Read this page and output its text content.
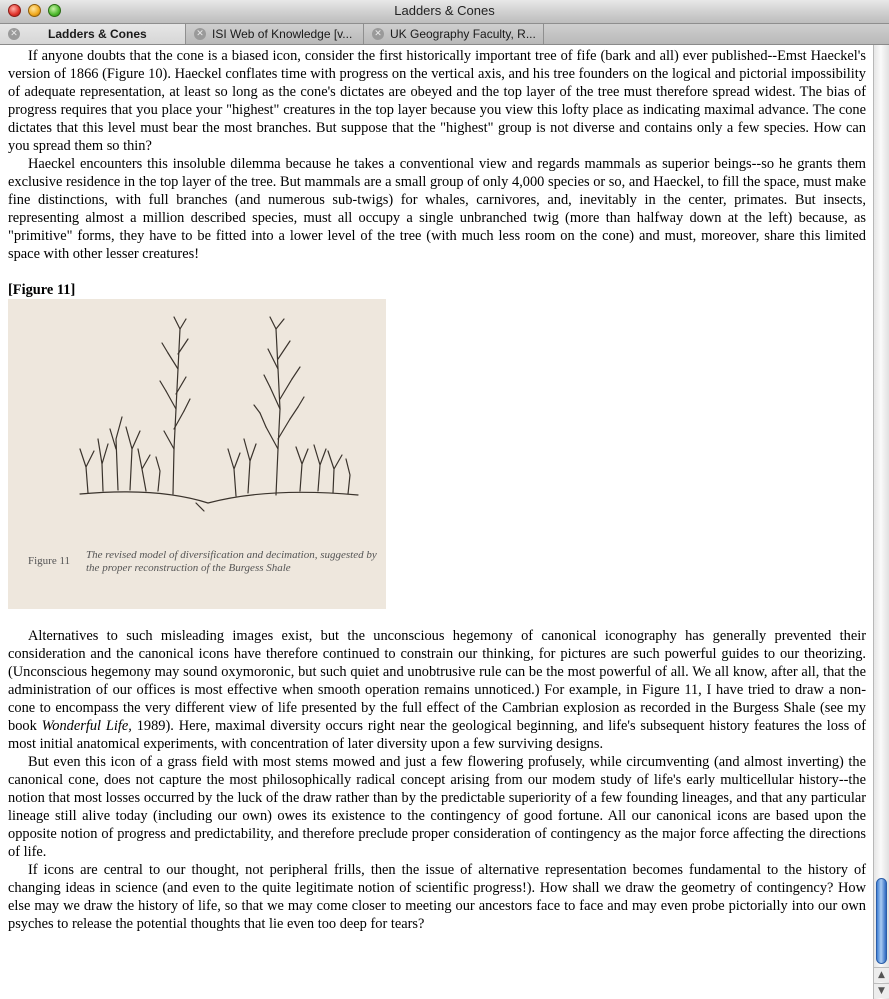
Ladders & Cones
✕	Ladders & Cones	✕ ISI Web of Knowledge [v...	✕ UK Geography Faculty, R...

If anyone doubts that the cone is a biased icon, consider the first historically important tree of fife (bark and all) ever published--Emst Haeckel's version of 1866 (Figure 10). Haeckel conflates time with progress on the vertical axis, and his tree founders on the logical and pictorial impossibility of adequate representation, at least so long as the cone's dictates are obeyed and the top layer of the tree must therefore spread widest. The bias of progress requires that you place your "highest" creatures in the top layer because you view this lofty place as indicating maximal advance. The cone dictates that this level must bear the most branches. But suppose that the "highest" group is not diverse and contains only a few species. How can you spread them so thin?

Haeckel encounters this insoluble dilemma because he takes a conventional view and regards mammals as superior beings--so he grants them exclusive residence in the top layer of the tree. But mammals are a small group of only 4,000 species or so, and Haeckel, to fill the space, must make fine distinctions, with full branches (and numerous sub-twigs) for whales, carnivores, and, inevitably in the center, primates. But insects, representing almost a million described species, must all occupy a single unbranched twig (more than halfway down at the left) because, as "primitive" forms, they have to be fitted into a lower level of the tree (with much less room on the cone) and must, moreover, share this limited space with other lesser creatures!

[Figure 11]

Figure 11 The revised model of diversification and decimation, suggested by the proper reconstruction of the Burgess Shale

Alternatives to such misleading images exist, but the unconscious hegemony of canonical iconography has generally prevented their consideration and the canonical icons have therefore continued to constrain our thinking, for pictures are such powerful guides to our theorizing. (Unconscious hegemony may sound oxymoronic, but such quiet and unobtrusive rule can be the most powerful of all. We all know, after all, that the administration of our offices is most effective when smooth operation remains unnoticed.) For example, in Figure 11, I have tried to draw a non-cone to encompass the very different view of life presented by the full effect of the Cambrian explosion as recorded in the Burgess Shale (see my book Wonderful Life, 1989). Here, maximal diversity occurs right near the geological beginning, and life's subsequent history features the loss of most initial anatomical experiments, with concentration of later diversity upon a few surviving designs.

But even this icon of a grass field with most stems mowed and just a few flowering profusely, while circumventing (and almost inverting) the canonical cone, does not capture the most philosophically radical concept arising from our modem study of life's early multicellular history--the notion that most losses occurred by the luck of the draw rather than by the predictable superiority of a few founding lineages, and that any particular lineage still alive today (including our own) owes its existence to the contingency of good fortune. All our canonical icons are based upon the opposite notion of progress and predictability, and therefore preclude proper consideration of contingency as the major force affecting the directions of life.

If icons are central to our thought, not peripheral frills, then the issue of alternative representation becomes fundamental to the history of changing ideas in science (and even to the quite legitimate notion of scientific progress!). How shall we draw the geometry of contingency? How else may we draw the history of life, so that we may come closer to meeting our ancestors face to face and may even probe pictorially into our own psyches to release the potential thoughts that lie even too deep for tears?

▲
▼
